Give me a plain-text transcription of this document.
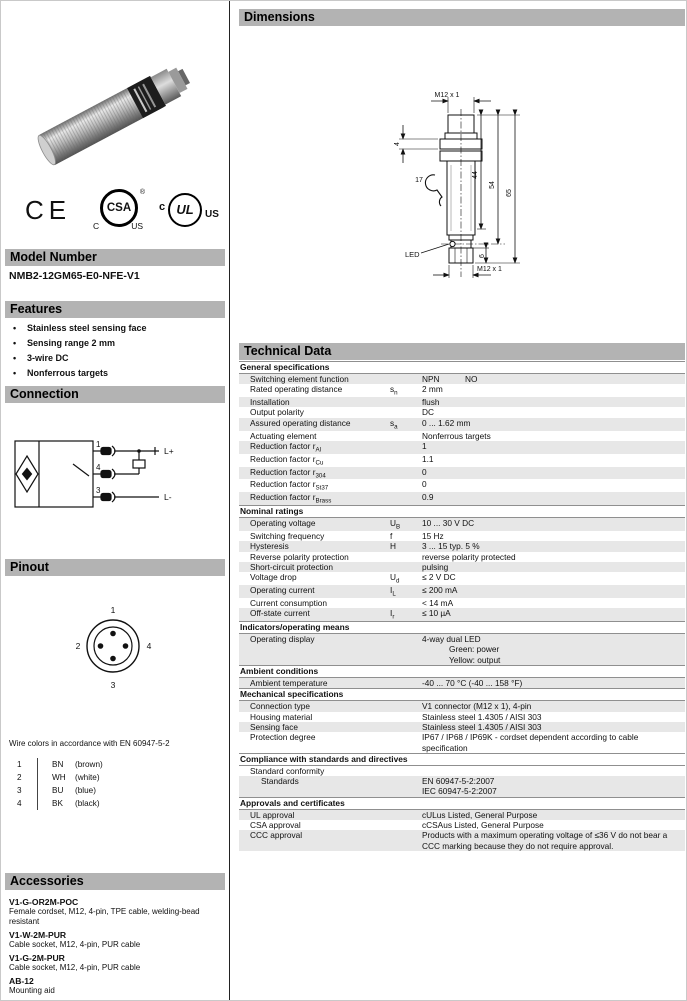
CE	CSA
®
C	US
c UL	US
Model Number
NMB2-12GM65-E0-NFE-V1
Features
• Stainless steel sensing face
• Sensing range 2 mm
• 3-wire DC
• Nonferrous targets
Connection
1
4
3
L+
L-
Pinout
1
2	4
3
Wire colors in accordance with EN 60947-5-2
1	BN	(brown)
2	WH	(white)
3	BU	(blue)
4	BK	(black)
Accessories
V1-G-OR2M-POC
Female cordset, M12, 4-pin, TPE cable, welding-bead resistant
V1-W-2M-PUR
Cable socket, M12, 4-pin, PUR cable
V1-G-2M-PUR
Cable socket, M12, 4-pin, PUR cable
AB-12
Mounting aid
Dimensions
M12 x 1
4
17
44
54
65
6
LED
M12 x 1
Technical Data
General specifications
Switching element function	NPN	NO
Rated operating distance	$s_n$	2 mm
Installation	flush
Output polarity	DC
Assured operating distance	$s_a$	0 ... 1.62 mm
Actuating element	Nonferrous targets
Reduction factor $r_{Al}$	1
Reduction factor $r_{Cu}$	1.1
Reduction factor $r_{304}$	0
Reduction factor $r_{St37}$	0
Reduction factor $r_{Brass}$	0.9
Nominal ratings
Operating voltage	$U_B$	10 ... 30 V DC
Switching frequency	f	15 Hz
Hysteresis	H	3 ... 15 typ. 5 %
Reverse polarity protection	reverse polarity protected
Short-circuit protection	pulsing
Voltage drop	$U_d$	≤ 2 V DC
Operating current	$I_L$	≤ 200 mA
Current consumption	< 14 mA
Off-state current	$I_r$	≤ 10 µA
Indicators/operating means
Operating display	4-way dual LED
Green: power
Yellow: output
Ambient conditions
Ambient temperature	-40 ... 70 °C (-40 ... 158 °F)
Mechanical specifications
Connection type	V1 connector (M12 x 1), 4-pin
Housing material	Stainless steel 1.4305 / AISI 303
Sensing face	Stainless steel 1.4305 / AISI 303
Protection degree	IP67 / IP68 / IP69K - cordset dependent according to cable specification
Compliance with standards and directives
Standard conformity
Standards	EN 60947-5-2:2007
IEC 60947-5-2:2007
Approvals and certificates
UL approval	cULus Listed, General Purpose
CSA approval	cCSAus Listed, General Purpose
CCC approval	Products with a maximum operating voltage of ≤36 V do not bear a CCC marking because they do not require approval.
